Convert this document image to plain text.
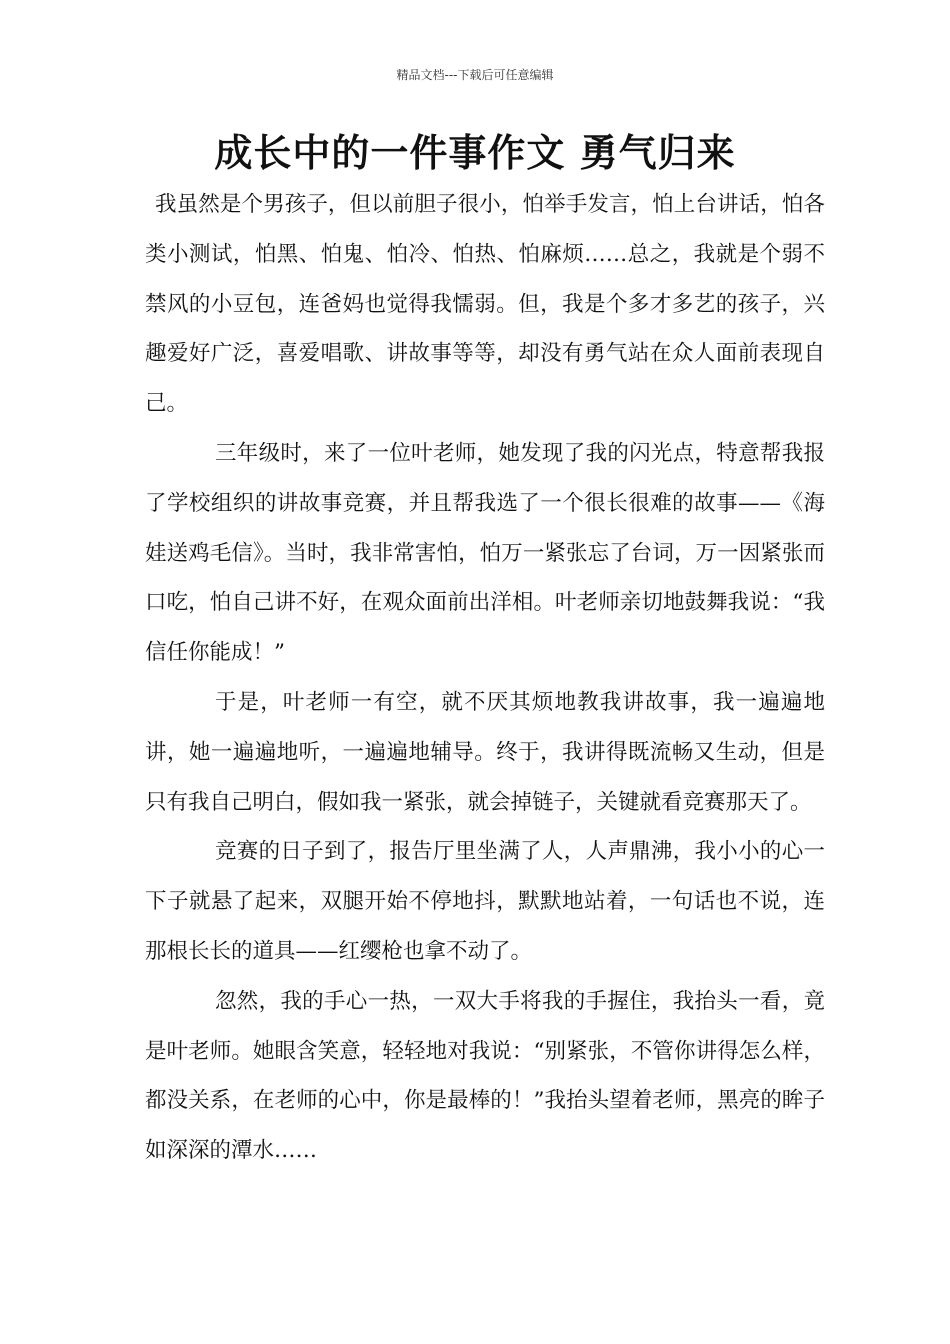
精品文档---下载后可任意编辑
成长中的一件事作文 勇气归来

我虽然是个男孩子，但以前胆子很小，怕举手发言，怕上台讲话，怕各类小测试，怕黑、怕鬼、怕冷、怕热、怕麻烦……总之，我就是个弱不禁风的小豆包，连爸妈也觉得我懦弱。但，我是个多才多艺的孩子，兴趣爱好广泛，喜爱唱歌、讲故事等等，却没有勇气站在众人面前表现自己。

三年级时，来了一位叶老师，她发现了我的闪光点，特意帮我报了学校组织的讲故事竞赛，并且帮我选了一个很长很难的故事——《海娃送鸡毛信》。当时，我非常害怕，怕万一紧张忘了台词，万一因紧张而口吃，怕自己讲不好，在观众面前出洋相。叶老师亲切地鼓舞我说：“我信任你能成！”

于是，叶老师一有空，就不厌其烦地教我讲故事，我一遍遍地讲，她一遍遍地听，一遍遍地辅导。终于，我讲得既流畅又生动，但是只有我自己明白，假如我一紧张，就会掉链子，关键就看竞赛那天了。

竞赛的日子到了，报告厅里坐满了人，人声鼎沸，我小小的心一下子就悬了起来，双腿开始不停地抖，默默地站着，一句话也不说，连那根长长的道具——红缨枪也拿不动了。

忽然，我的手心一热，一双大手将我的手握住，我抬头一看，竟是叶老师。她眼含笑意，轻轻地对我说：“别紧张，不管你讲得怎么样，都没关系，在老师的心中，你是最棒的！”我抬头望着老师，黑亮的眸子如深深的潭水……
